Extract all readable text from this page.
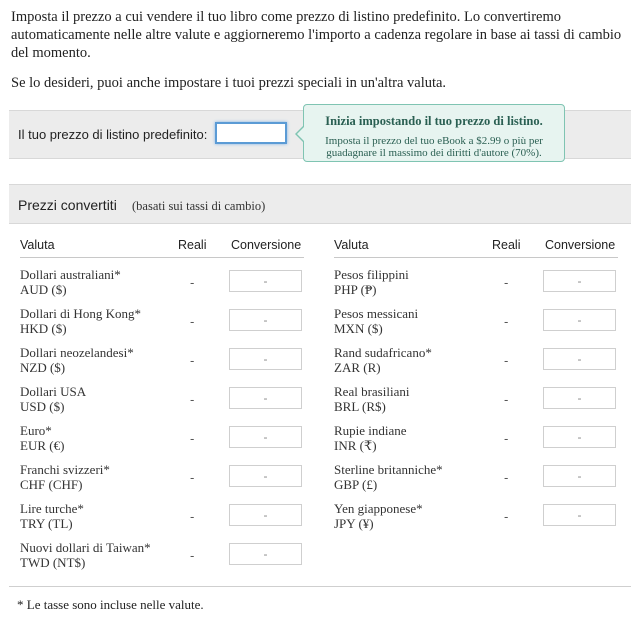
Imposta il prezzo a cui vendere il tuo libro come prezzo di listino predefinito. Lo convertiremo automaticamente nelle altre valute e aggiorneremo l'importo a cadenza regolare in base ai tassi di cambio del momento.

Se lo desideri, puoi anche impostare i tuoi prezzi speciali in un'altra valuta.

Il tuo prezzo di listino predefinito:
Inizia impostando il tuo prezzo di listino.
Imposta il prezzo del tuo eBook a $2.99 o più per guadagnare il massimo dei diritti d'autore (70%).
Prezzi convertiti (basati sui tassi di cambio)
Valuta	Reali Conversione
Dollari australiani*
AUD ($)	-	-
Dollari di Hong Kong*
HKD ($)	-	-
Dollari neozelandesi*
NZD ($)	-	-
Dollari USA
USD ($)	-	-
Euro*
EUR (€)	-	-
Franchi svizzeri*
CHF (CHF)	-	-
Lire turche*
TRY (TL)	-	-
Nuovi dollari di Taiwan*
TWD (NT$)	-	-
Valuta	Reali Conversione
Pesos filippini
PHP (₱)	-	-
Pesos messicani
MXN ($)	-	-
Rand sudafricano*
ZAR (R)	-	-
Real brasiliani
BRL (R$)	-	-
Rupie indiane
INR (₹)	-	-
Sterline britanniche*
GBP (£)	-	-
Yen giapponese*
JPY (¥)	-	-
* Le tasse sono incluse nelle valute.
